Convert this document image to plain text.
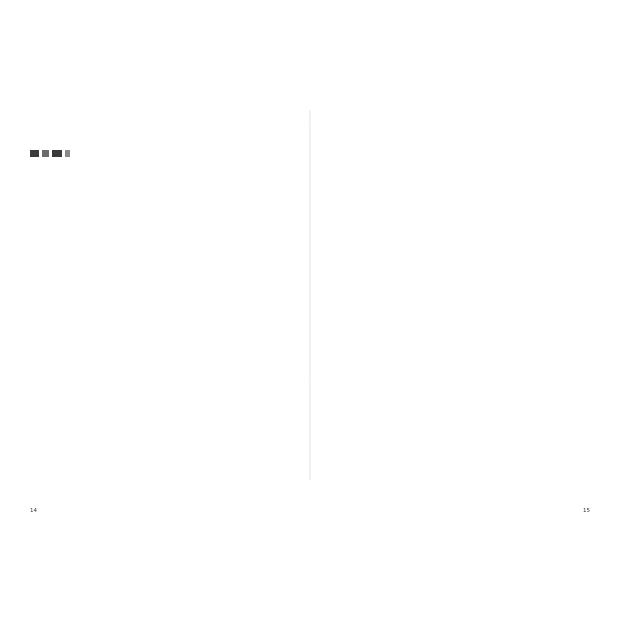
14	15
